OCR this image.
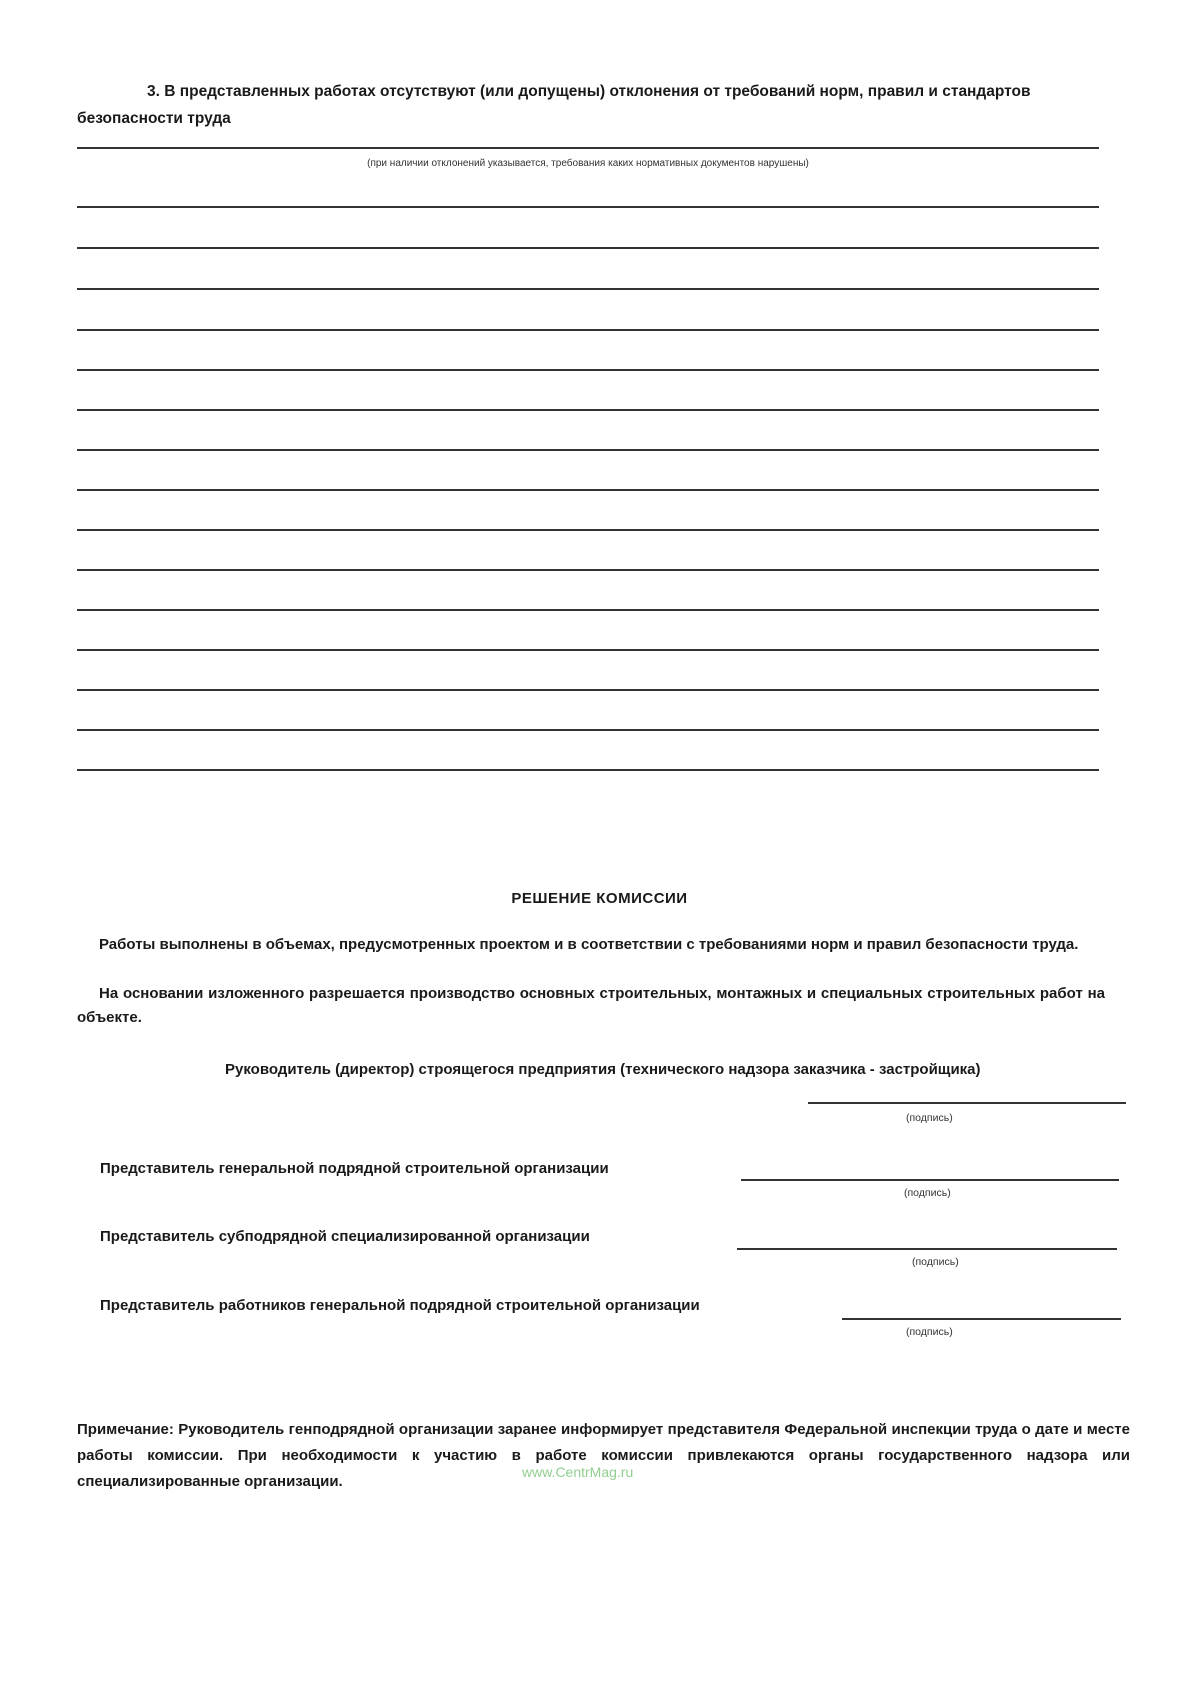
3. В представленных работах отсутствуют (или допущены) отклонения от требований норм, правил и стандартов безопасности труда
(при наличии отклонений указывается, требования каких нормативных документов нарушены)
РЕШЕНИЕ КОМИССИИ
Работы выполнены в объемах, предусмотренных проектом и в соответствии с требованиями норм и правил безопасности труда.
На основании изложенного разрешается производство основных строительных, монтажных и специальных строительных работ на объекте.
Руководитель (директор) строящегося предприятия (технического надзора заказчика - застройщика)
(подпись)
Представитель генеральной подрядной строительной организации
(подпись)
Представитель субподрядной специализированной организации
(подпись)
Представитель работников генеральной подрядной строительной организации
(подпись)
Примечание: Руководитель генподрядной организации заранее информирует представителя Федеральной инспекции труда о дате и месте работы комиссии. При необходимости к участию в работе комиссии привлекаются органы государственного надзора или специализированные организации.
www.CentrMag.ru
